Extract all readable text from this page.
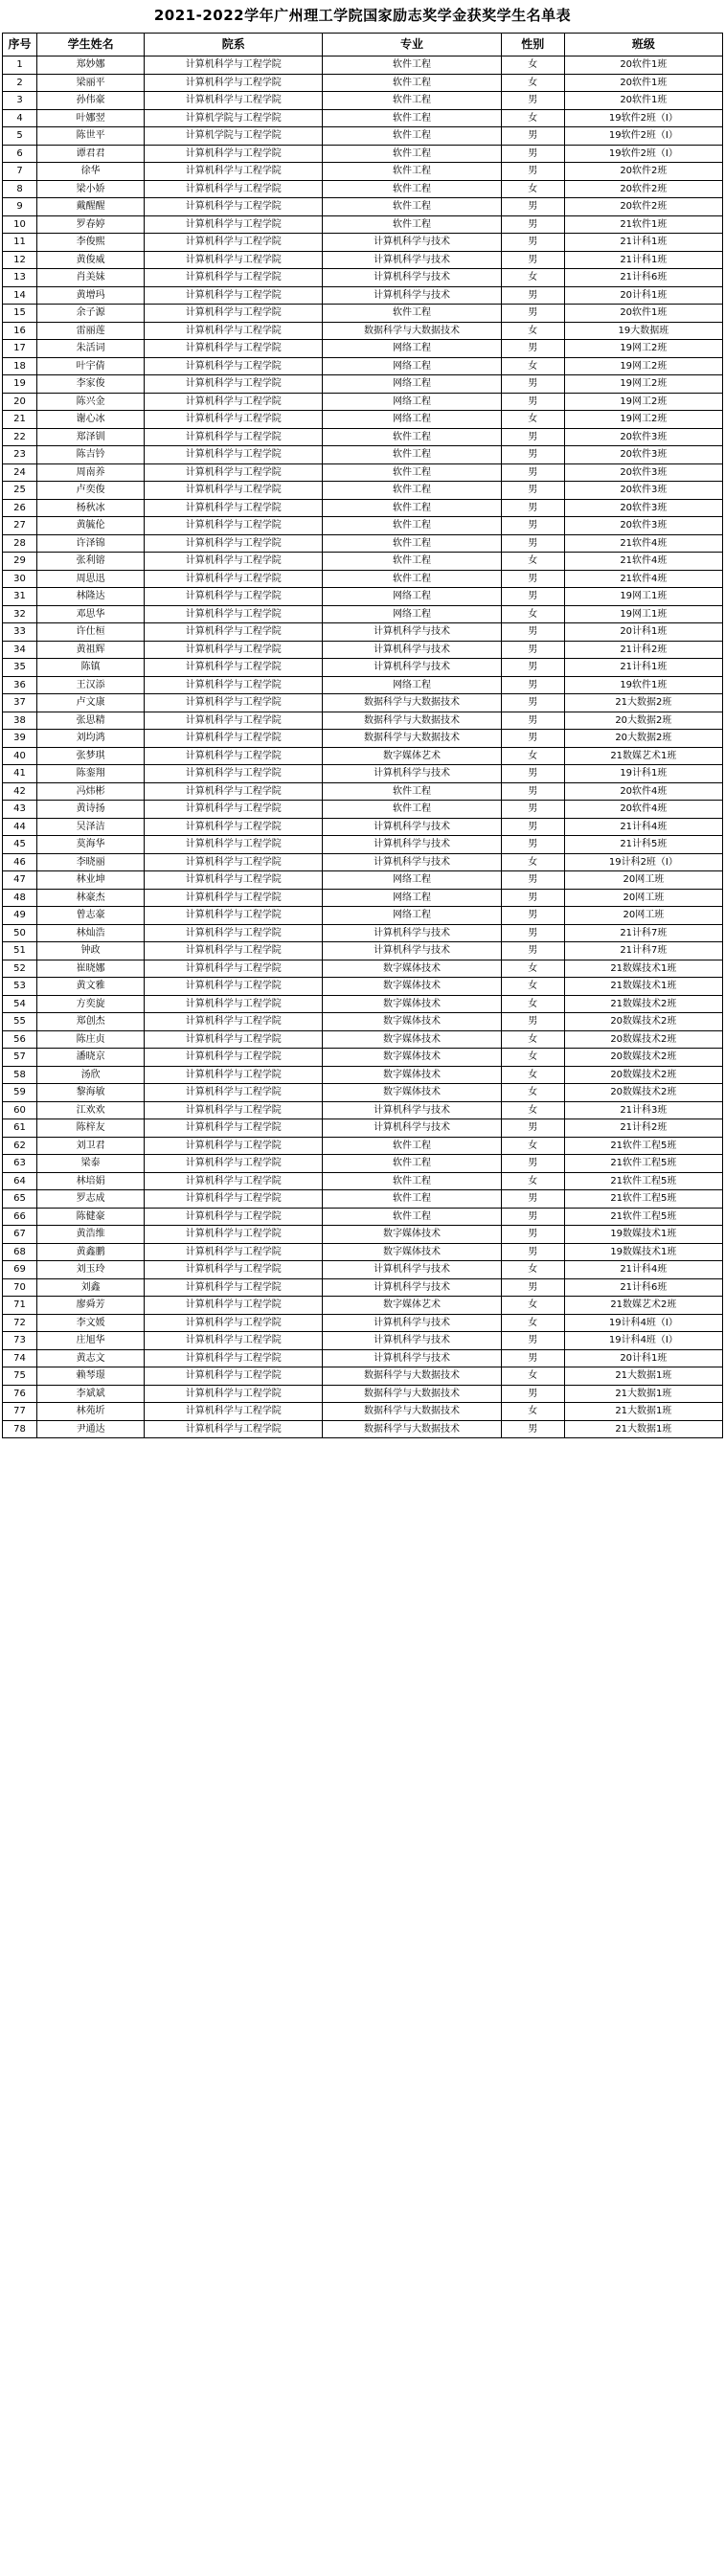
2021-2022学年广州理工学院国家励志奖学金获奖学生名单表
序号	学生姓名	院系	专业	性别	班级
1	郑妙娜	计算机科学与工程学院	软件工程	女	20软件1班
2	梁丽平	计算机科学与工程学院	软件工程	女	20软件1班
3	孙伟豪	计算机科学与工程学院	软件工程	男	20软件1班
4	叶娜翌	计算机学院与工程学院	软件工程	女	19软件2班（I）
5	陈世平	计算机学院与工程学院	软件工程	男	19软件2班（I）
6	谭君君	计算机科学与工程学院	软件工程	男	19软件2班（I）
7	徐华	计算机科学与工程学院	软件工程	男	20软件2班
8	梁小娇	计算机科学与工程学院	软件工程	女	20软件2班
9	戴醒醒	计算机科学与工程学院	软件工程	男	20软件2班
10	罗春婷	计算机科学与工程学院	软件工程	男	21软件1班
11	李俊熙	计算机科学与工程学院	计算机科学与技术	男	21计科1班
12	黄俊威	计算机科学与工程学院	计算机科学与技术	男	21计科1班
13	肖美妹	计算机科学与工程学院	计算机科学与技术	女	21计科6班
14	黄增玛	计算机科学与工程学院	计算机科学与技术	男	20计科1班
15	余子源	计算机科学与工程学院	软件工程	男	20软件1班
16	雷丽莲	计算机科学与工程学院	数据科学与大数据技术	女	19大数据班
17	朱活词	计算机科学与工程学院	网络工程	男	19网工2班
18	叶宇倩	计算机科学与工程学院	网络工程	女	19网工2班
19	李家俊	计算机科学与工程学院	网络工程	男	19网工2班
20	陈兴金	计算机科学与工程学院	网络工程	男	19网工2班
21	谢心冰	计算机科学与工程学院	网络工程	女	19网工2班
22	郑泽钏	计算机科学与工程学院	软件工程	男	20软件3班
23	陈吉钤	计算机科学与工程学院	软件工程	男	20软件3班
24	周南养	计算机科学与工程学院	软件工程	男	20软件3班
25	卢奕俊	计算机科学与工程学院	软件工程	男	20软件3班
26	杨秋冰	计算机科学与工程学院	软件工程	男	20软件3班
27	黄毓伦	计算机科学与工程学院	软件工程	男	20软件3班
28	许泽锦	计算机科学与工程学院	软件工程	男	21软件4班
29	张利镕	计算机科学与工程学院	软件工程	女	21软件4班
30	周思迅	计算机科学与工程学院	软件工程	男	21软件4班
31	林隆达	计算机科学与工程学院	网络工程	男	19网工1班
32	邓思华	计算机科学与工程学院	网络工程	女	19网工1班
33	许仕桓	计算机科学与工程学院	计算机科学与技术	男	20计科1班
34	黄祖辉	计算机科学与工程学院	计算机科学与技术	男	21计科2班
35	陈镇	计算机科学与工程学院	计算机科学与技术	男	21计科1班
36	王汉添	计算机科学与工程学院	网络工程	男	19软件1班
37	卢文康	计算机科学与工程学院	数据科学与大数据技术	男	21大数据2班
38	张思精	计算机科学与工程学院	数据科学与大数据技术	男	20大数据2班
39	刘均鸿	计算机科学与工程学院	数据科学与大数据技术	男	20大数据2班
40	张梦琪	计算机科学与工程学院	数字媒体艺术	女	21数媒艺术1班
41	陈銮翔	计算机科学与工程学院	计算机科学与技术	男	19计科1班
42	冯炜彬	计算机科学与工程学院	软件工程	男	20软件4班
43	黄诗扬	计算机科学与工程学院	软件工程	男	20软件4班
44	吴泽洁	计算机科学与工程学院	计算机科学与技术	男	21计科4班
45	莫海华	计算机科学与工程学院	计算机科学与技术	男	21计科5班
46	李晓丽	计算机科学与工程学院	计算机科学与技术	女	19计科2班（I）
47	林业坤	计算机科学与工程学院	网络工程	男	20网工班
48	林豪杰	计算机科学与工程学院	网络工程	男	20网工班
49	曾志豪	计算机科学与工程学院	网络工程	男	20网工班
50	林灿浩	计算机科学与工程学院	计算机科学与技术	男	21计科7班
51	钟政	计算机科学与工程学院	计算机科学与技术	男	21计科7班
52	崔晓娜	计算机科学与工程学院	数字媒体技术	女	21数媒技术1班
53	黄文雅	计算机科学与工程学院	数字媒体技术	女	21数媒技术1班
54	方奕旋	计算机科学与工程学院	数字媒体技术	女	21数媒技术2班
55	郑创杰	计算机科学与工程学院	数字媒体技术	男	20数媒技术2班
56	陈庄贞	计算机科学与工程学院	数字媒体技术	女	20数媒技术2班
57	潘晓京	计算机科学与工程学院	数字媒体技术	女	20数媒技术2班
58	汤欣	计算机科学与工程学院	数字媒体技术	女	20数媒技术2班
59	黎海敏	计算机科学与工程学院	数字媒体技术	女	20数媒技术2班
60	江欢欢	计算机科学与工程学院	计算机科学与技术	女	21计科3班
61	陈梓友	计算机科学与工程学院	计算机科学与技术	男	21计科2班
62	刘卫君	计算机科学与工程学院	软件工程	女	21软件工程5班
63	梁泰	计算机科学与工程学院	软件工程	男	21软件工程5班
64	林培娟	计算机科学与工程学院	软件工程	女	21软件工程5班
65	罗志成	计算机科学与工程学院	软件工程	男	21软件工程5班
66	陈健豪	计算机科学与工程学院	软件工程	男	21软件工程5班
67	黄浩维	计算机科学与工程学院	数字媒体技术	男	19数媒技术1班
68	黄鑫鹏	计算机科学与工程学院	数字媒体技术	男	19数媒技术1班
69	刘玉玲	计算机科学与工程学院	计算机科学与技术	女	21计科4班
70	刘鑫	计算机科学与工程学院	计算机科学与技术	男	21计科6班
71	廖舜芳	计算机科学与工程学院	数字媒体艺术	女	21数媒艺术2班
72	李文媛	计算机科学与工程学院	计算机科学与技术	女	19计科4班（I）
73	庄旭华	计算机科学与工程学院	计算机科学与技术	男	19计科4班（I）
74	黄志文	计算机科学与工程学院	计算机科学与技术	男	20计科1班
75	赖琴璟	计算机科学与工程学院	数据科学与大数据技术	女	21大数据1班
76	李斌斌	计算机科学与工程学院	数据科学与大数据技术	男	21大数据1班
77	林苑圻	计算机科学与工程学院	数据科学与大数据技术	女	21大数据1班
78	尹通达	计算机科学与工程学院	数据科学与大数据技术	男	21大数据1班
